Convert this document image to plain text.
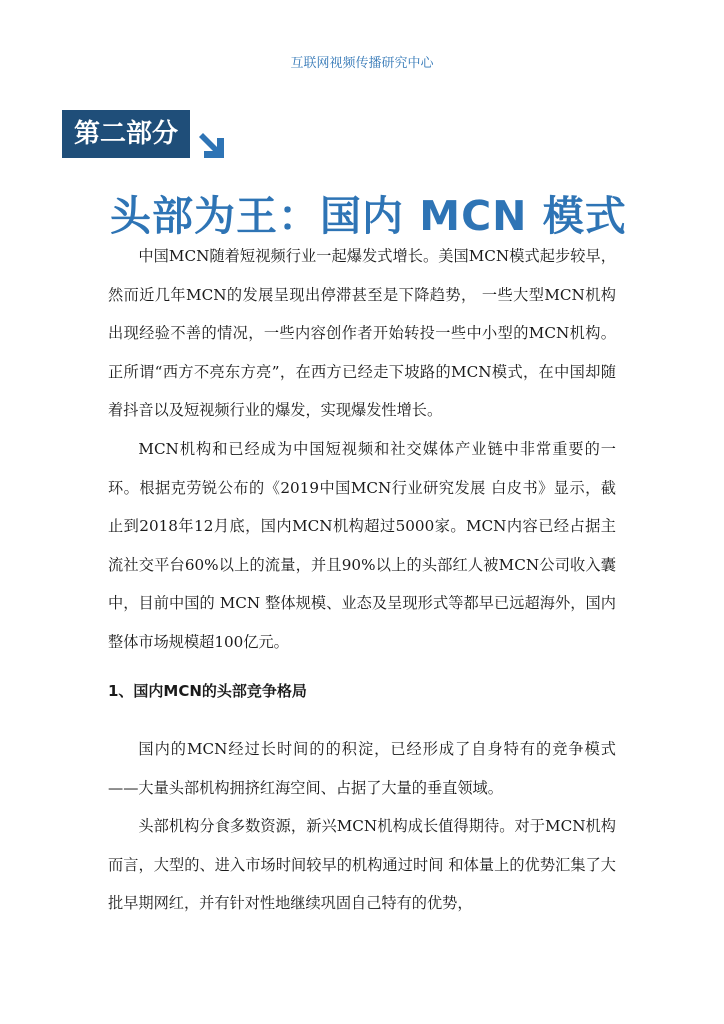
互联网视频传播研究中心
第二部分
头部为王：国内 MCN 模式

中国MCN随着短视频行业一起爆发式增长。美国MCN模式起步较早，然而近几年MCN的发展呈现出停滞甚至是下降趋势， 一些大型MCN机构出现经验不善的情况，一些内容创作者开始转投一些中小型的MCN机构。正所谓“西方不亮东方亮”，在西方已经走下坡路的MCN模式，在中国却随着抖音以及短视频行业的爆发，实现爆发性增长。

MCN机构和已经成为中国短视频和社交媒体产业链中非常重要的一环。根据克劳锐公布的《2019中国MCN行业研究发展 白皮书》显示，截止到2018年12月底，国内MCN机构超过5000家。MCN内容已经占据主流社交平台60%以上的流量，并且90%以上的头部红人被MCN公司收入囊中，目前中国的 MCN 整体规模、业态及呈现形式等都早已远超海外，国内整体市场规模超100亿元。

1、国内MCN的头部竞争格局

国内的MCN经过长时间的的积淀，已经形成了自身特有的竞争模式——大量头部机构拥挤红海空间、占据了大量的垂直领域。

头部机构分食多数资源，新兴MCN机构成长值得期待。对于MCN机构而言，大型的、进入市场时间较早的机构通过时间 和体量上的优势汇集了大批早期网红，并有针对性地继续巩固自己特有的优势，
